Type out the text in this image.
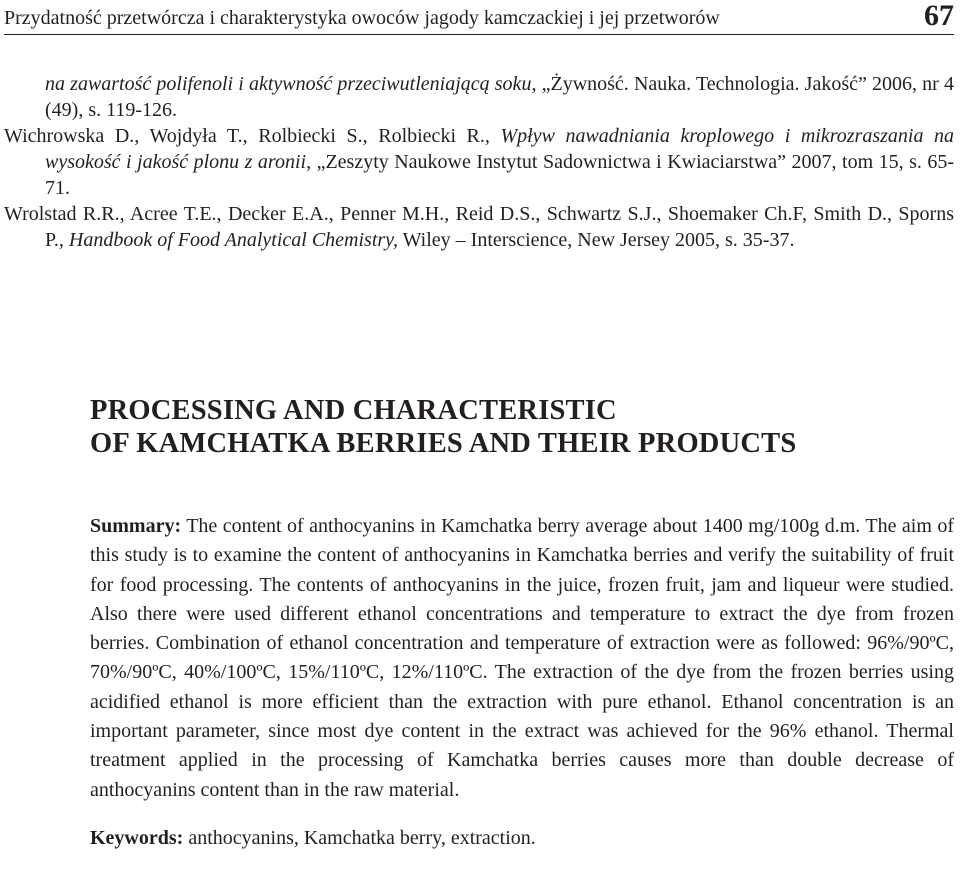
Przydatność przetwórcza i charakterystyka owoców jagody kamczackiej i jej przetworów	67
na zawartość polifenoli i aktywność przeciwutleniającą soku, „Żywność. Nauka. Technologia. Jakość” 2006, nr 4 (49), s. 119-126.
Wichrowska D., Wojdyła T., Rolbiecki S., Rolbiecki R., Wpływ nawadniania kroplowego i mikrozraszania na wysokość i jakość plonu z aronii, „Zeszyty Naukowe Instytut Sadownictwa i Kwiaciarstwa” 2007, tom 15, s. 65-71.
Wrolstad R.R., Acree T.E., Decker E.A., Penner M.H., Reid D.S., Schwartz S.J., Shoemaker Ch.F, Smith D., Sporns P., Handbook of Food Analytical Chemistry, Wiley – Interscience, New Jersey 2005, s. 35-37.
PROCESSING AND CHARACTERISTIC
OF KAMCHATKA BERRIES AND THEIR PRODUCTS

Summary: The content of anthocyanins in Kamchatka berry average about 1400 mg/100g d.m. The aim of this study is to examine the content of anthocyanins in Kamchatka berries and verify the suitability of fruit for food processing. The contents of anthocyanins in the juice, frozen fruit, jam and liqueur were studied. Also there were used different ethanol concentrations and temperature to extract the dye from frozen berries. Combination of ethanol concentration and temperature of extraction were as followed: 96%/90ºC, 70%/90ºC, 40%/100ºC, 15%/110ºC, 12%/110ºC. The extraction of the dye from the frozen berries using acidified ethanol is more efficient than the extraction with pure ethanol. Ethanol concentration is an important parameter, since most dye content in the extract was achieved for the 96% ethanol. Thermal treatment applied in the processing of Kamchatka berries causes more than double decrease of anthocyanins content than in the raw material.

Keywords: anthocyanins, Kamchatka berry, extraction.
